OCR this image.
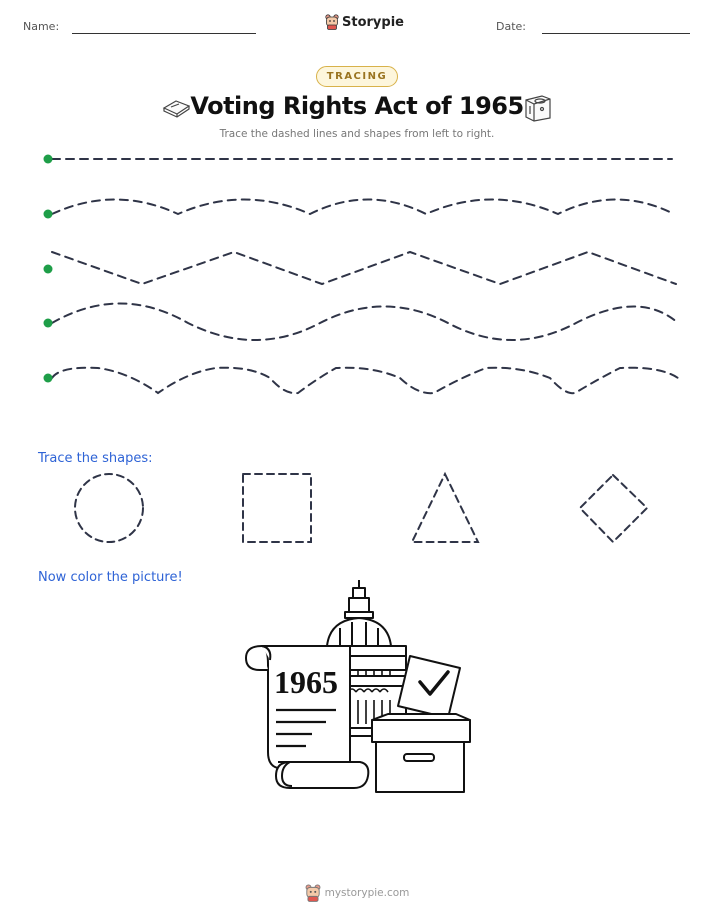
Name:	Storypie	Date:
TRACING
Voting Rights Act of 1965
Trace the dashed lines and shapes from left to right.
Trace the shapes:
Now color the picture!
1965
mystorypie.com
